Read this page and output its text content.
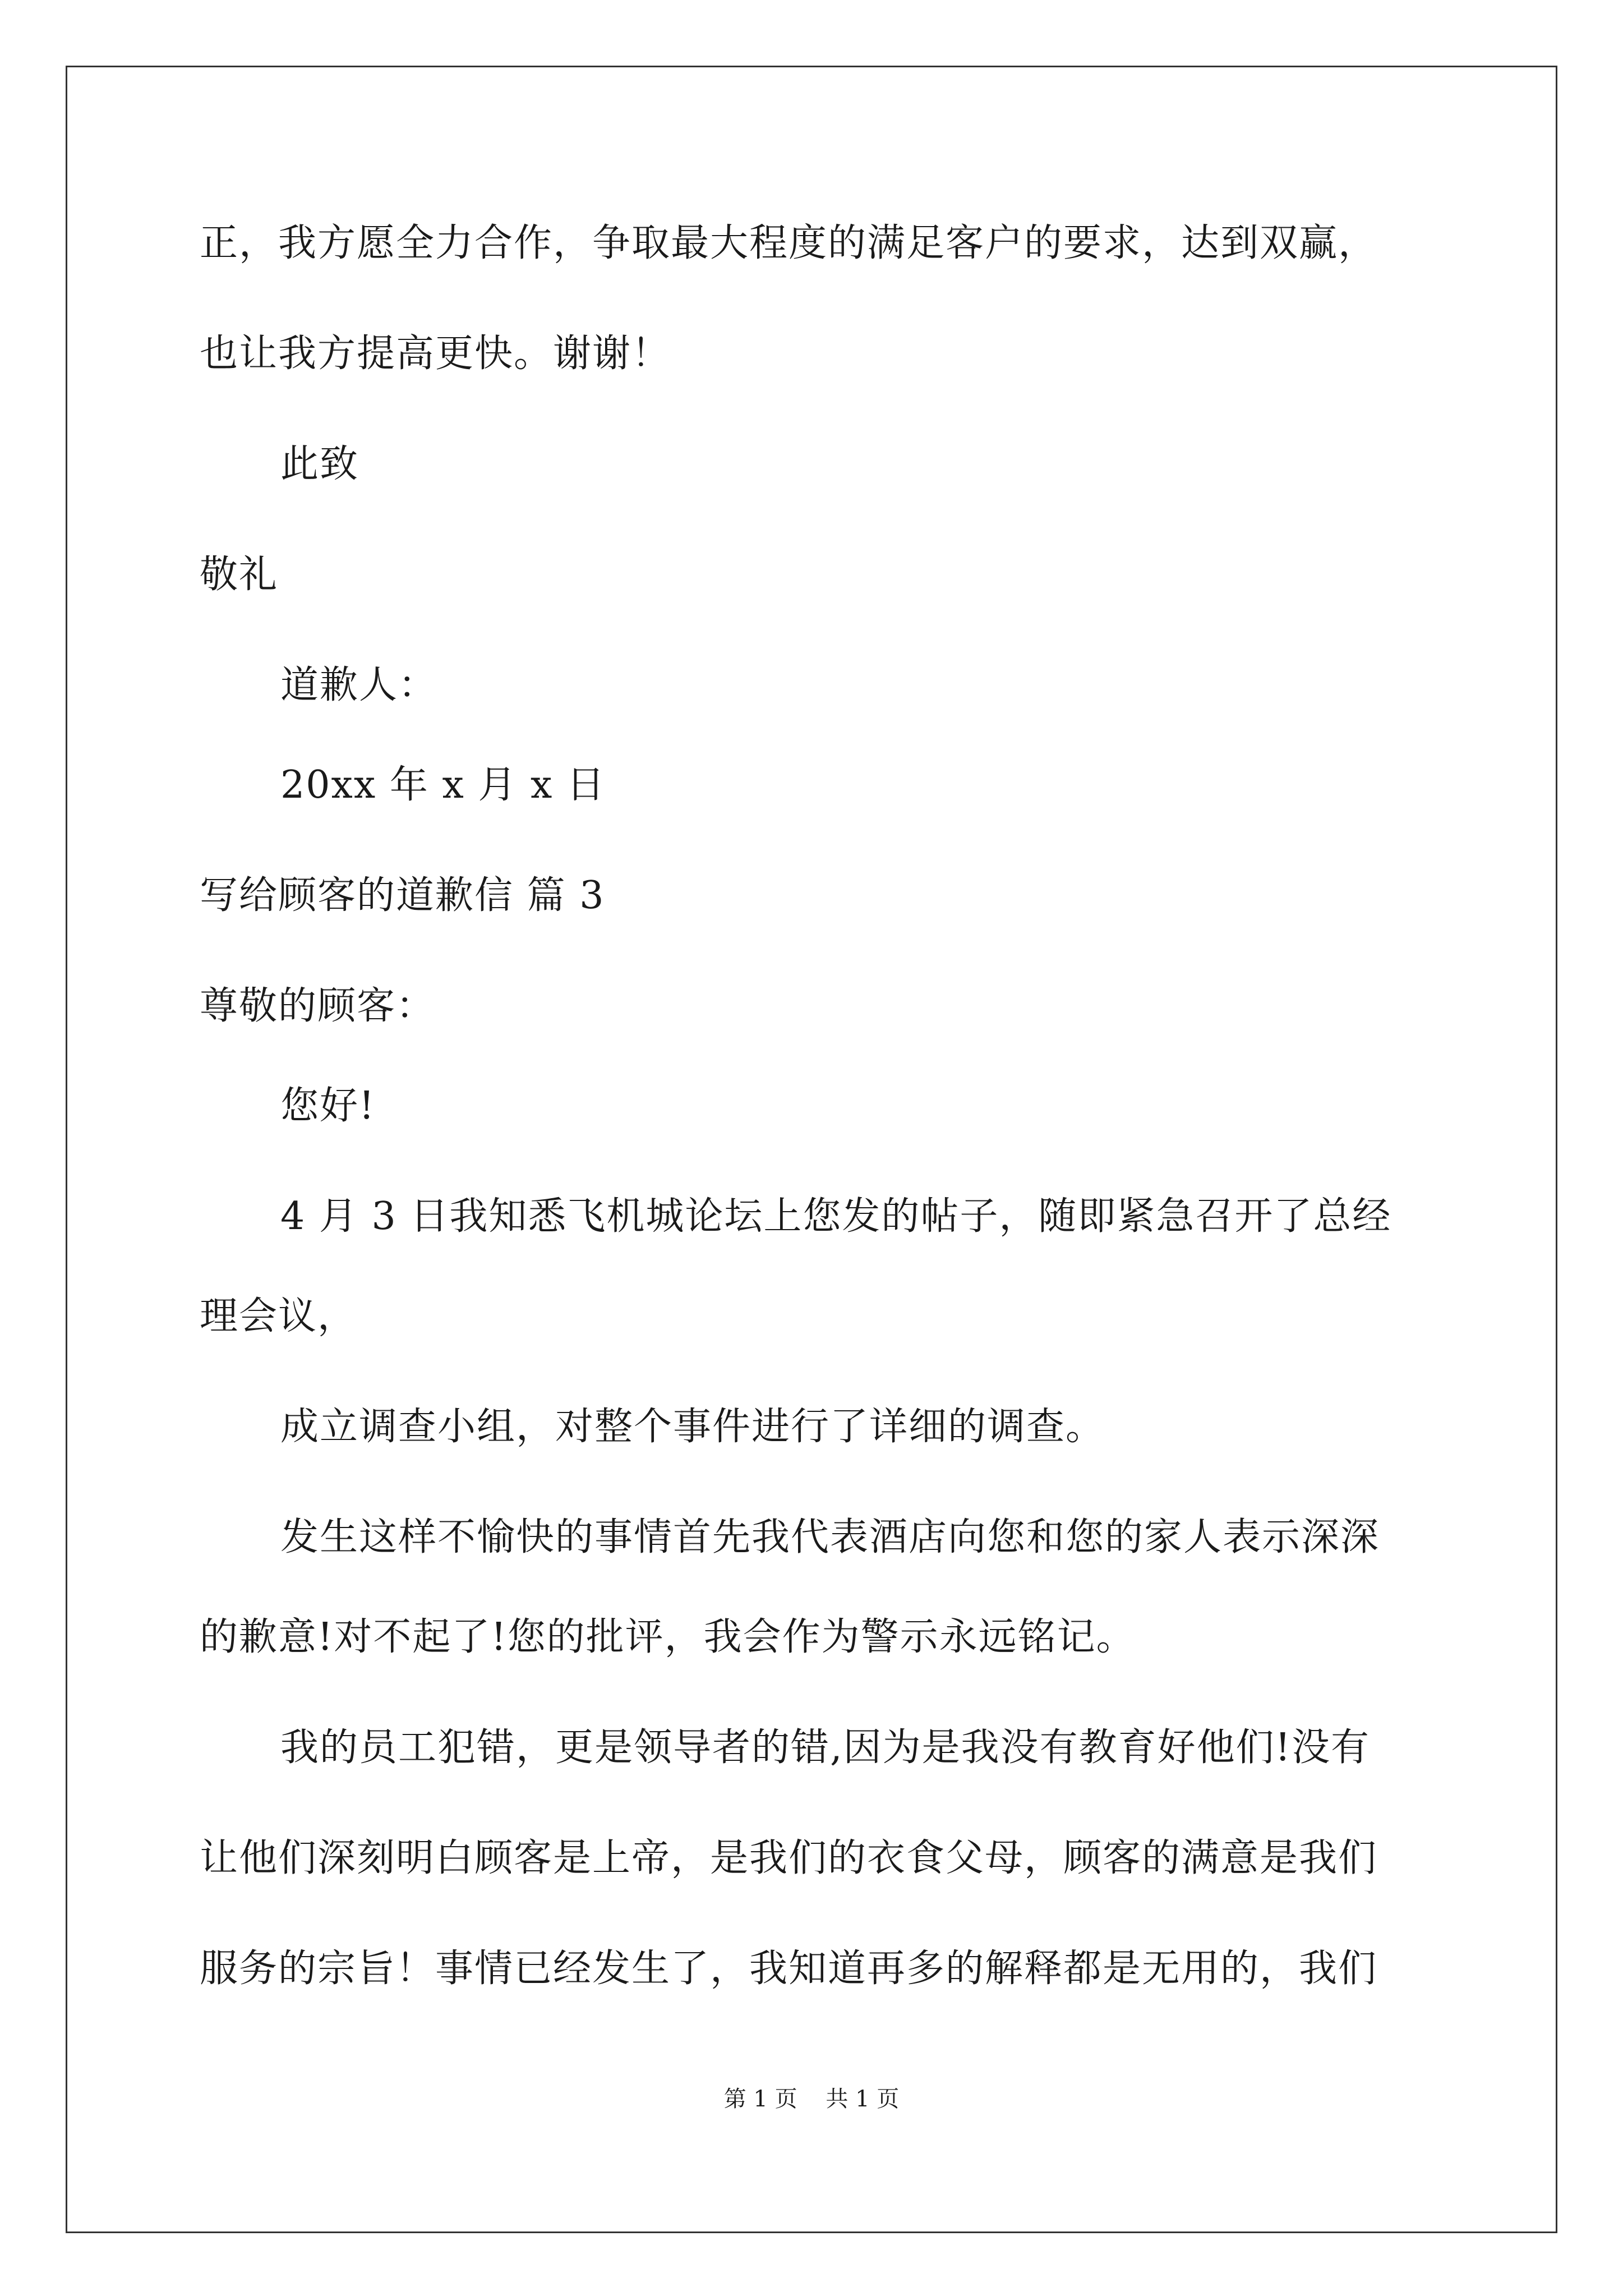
正，我方愿全力合作，争取最大程度的满足客户的要求，达到双赢，
也让我方提高更快。谢谢！
此致
敬礼
道歉人：
20xx 年 x 月 x 日
写给顾客的道歉信 篇 3
尊敬的顾客：
您好!
4 月 3 日我知悉飞机城论坛上您发的帖子，随即紧急召开了总经
理会议，
成立调查小组，对整个事件进行了详细的调查。
发生这样不愉快的事情首先我代表酒店向您和您的家人表示深深
的歉意!对不起了!您的批评，我会作为警示永远铭记。
我的员工犯错，更是领导者的错,因为是我没有教育好他们!没有
让他们深刻明白顾客是上帝，是我们的衣食父母，顾客的满意是我们
服务的宗旨！事情已经发生了，我知道再多的解释都是无用的，我们
第 1 页    共 1 页
